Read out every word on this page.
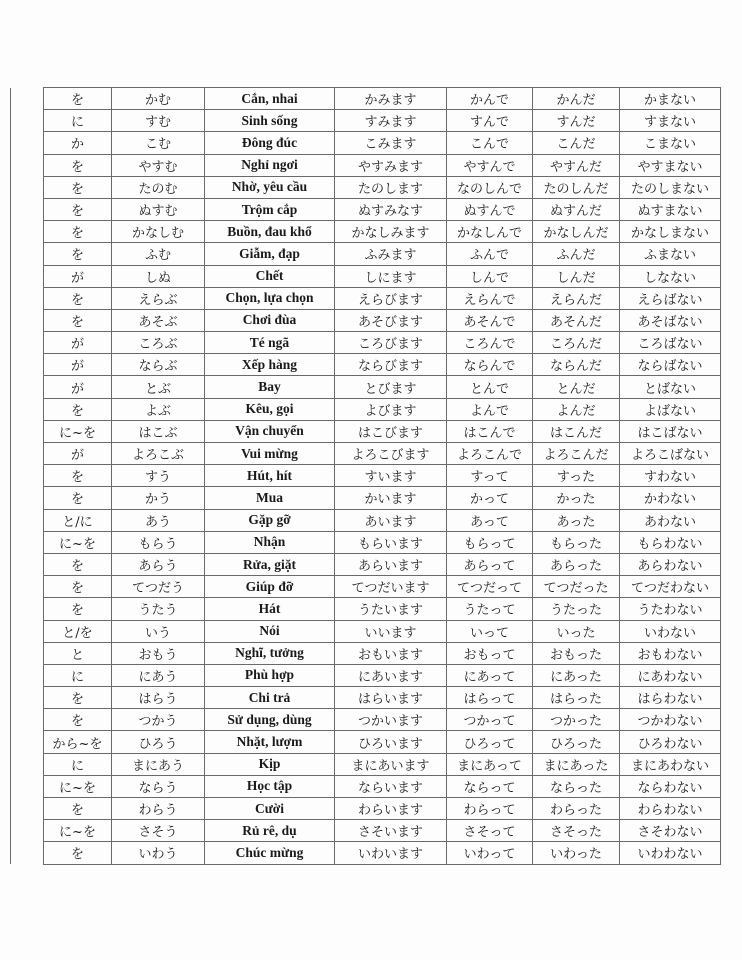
	を	かむ	Cắn, nhai	かみます	かんで	かんだ	かまない
	に	すむ	Sinh sống	すみます	すんで	すんだ	すまない
	か	こむ	Đông đúc	こみます	こんで	こんだ	こまない
	を	やすむ	Nghỉ ngơi	やすみます	やすんで	やすんだ	やすまない
	を	たのむ	Nhờ, yêu cầu	たのします	なのしんで	たのしんだ	たのしまない
	を	ぬすむ	Trộm cắp	ぬすみなす	ぬすんで	ぬすんだ	ぬすまない
	を	かなしむ	Buồn, đau khổ	かなしみます	かなしんで	かなしんだ	かなしまない
	を	ふむ	Giẫm, đạp	ふみます	ふんで	ふんだ	ふまない
	が	しぬ	Chết	しにます	しんで	しんだ	しなない
	を	えらぶ	Chọn, lựa chọn	えらびます	えらんで	えらんだ	えらばない
	を	あそぶ	Chơi đùa	あそびます	あそんで	あそんだ	あそばない
	が	ころぶ	Té ngã	ころびます	ころんで	ころんだ	ころばない
	が	ならぶ	Xếp hàng	ならびます	ならんで	ならんだ	ならばない
	が	とぶ	Bay	とびます	とんで	とんだ	とばない
	を	よぶ	Kêu, gọi	よびます	よんで	よんだ	よばない
	に~を	はこぶ	Vận chuyển	はこびます	はこんで	はこんだ	はこばない
	が	よろこぶ	Vui mừng	よろこびます	よろこんで	よろこんだ	よろこばない
	を	すう	Hút, hít	すいます	すって	すった	すわない
	を	かう	Mua	かいます	かって	かった	かわない
	と/に	あう	Gặp gỡ	あいます	あって	あった	あわない
	に~を	もらう	Nhận	もらいます	もらって	もらった	もらわない
	を	あらう	Rửa, giặt	あらいます	あらって	あらった	あらわない
	を	てつだう	Giúp đỡ	てつだいます	てつだって	てつだった	てつだわない
	を	うたう	Hát	うたいます	うたって	うたった	うたわない
	と/を	いう	Nói	いいます	いって	いった	いわない
	と	おもう	Nghĩ, tưởng	おもいます	おもって	おもった	おもわない
	に	にあう	Phù hợp	にあいます	にあって	にあった	にあわない
	を	はらう	Chi trả	はらいます	はらって	はらった	はらわない
	を	つかう	Sử dụng, dùng	つかいます	つかって	つかった	つかわない
	から~を	ひろう	Nhặt, lượm	ひろいます	ひろって	ひろった	ひろわない
	に	まにあう	Kịp	まにあいます	まにあって	まにあった	まにあわない
	に~を	ならう	Học tập	ならいます	ならって	ならった	ならわない
	を	わらう	Cười	わらいます	わらって	わらった	わらわない
	に~を	さそう	Rủ rê, dụ	さそいます	さそって	さそった	さそわない
	を	いわう	Chúc mừng	いわいます	いわって	いわった	いわわない
